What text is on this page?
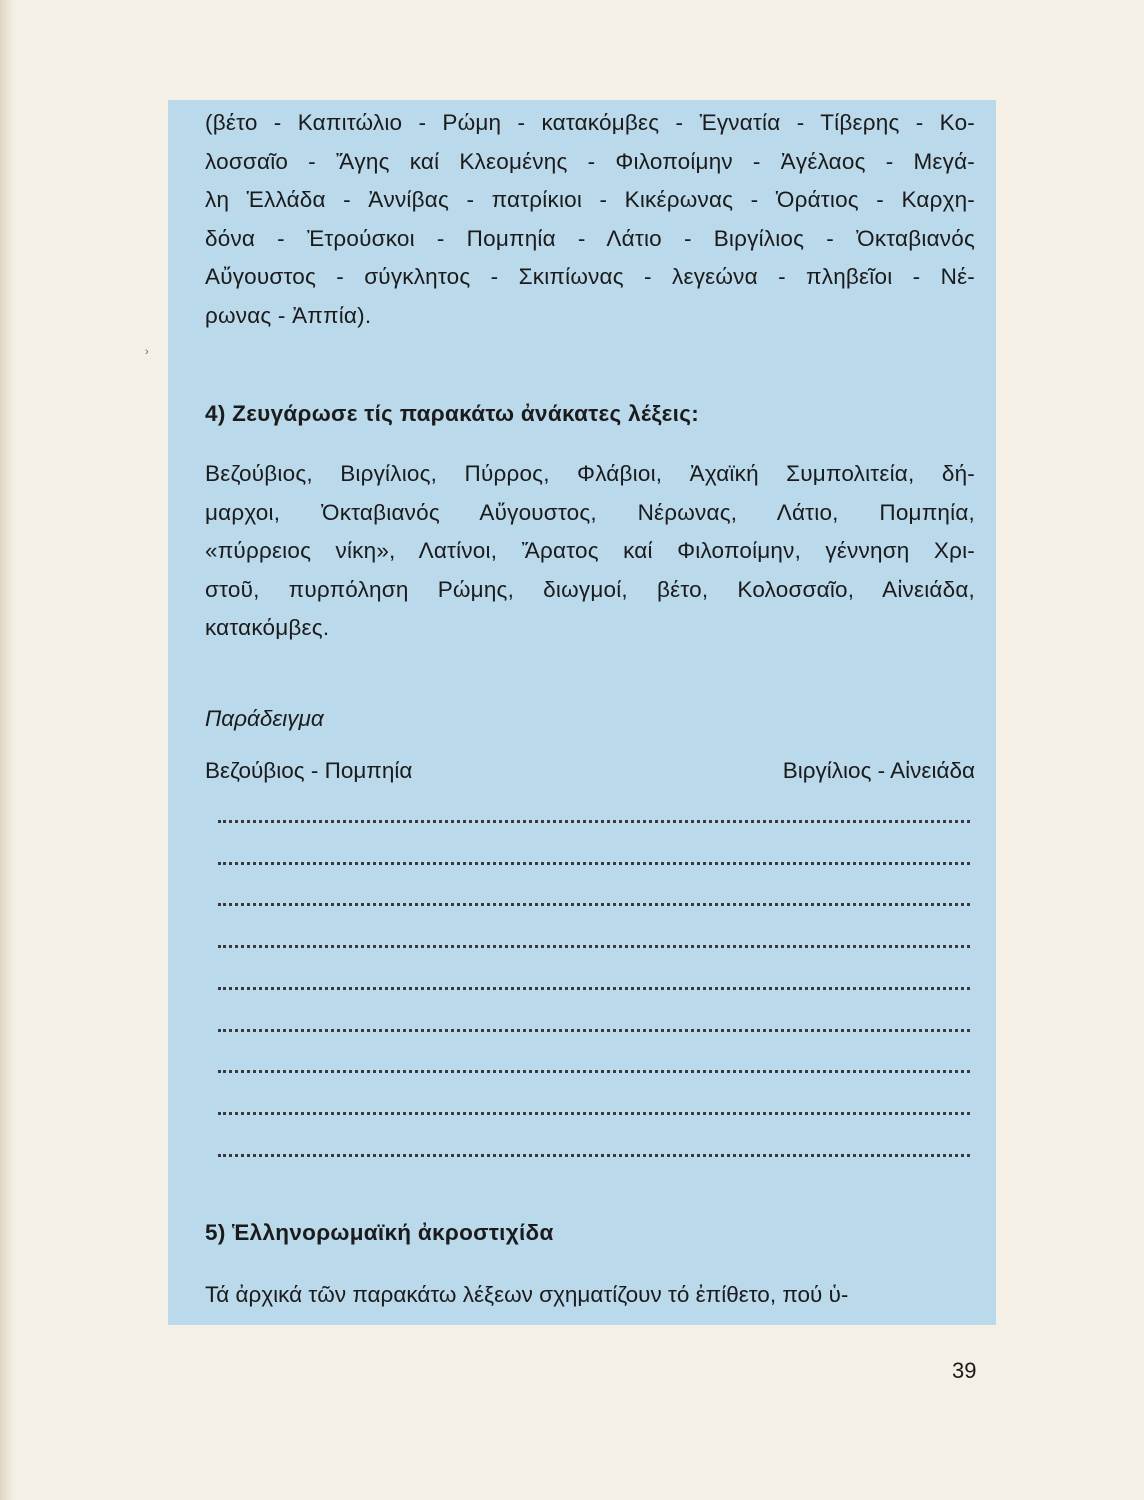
›
(βέτο - Καπιτώλιο - Ρώμη - κατακόμβες - Ἐγνατία - Τίβερης - Κο-
λοσσαῖο - Ἄγης καί Κλεομένης - Φιλοποίμην - Ἀγέλαος - Μεγά-
λη Ἑλλάδα - Ἀννίβας - πατρίκιοι - Κικέρωνας - Ὁράτιος - Καρχη-
δόνα - Ἐτρούσκοι - Πομπηία - Λάτιο - Βιργίλιος - Ὀκταβιανός
Αὔγουστος - σύγκλητος - Σκιπίωνας - λεγεώνα - πληβεῖοι - Νέ-
ρωνας - Ἀππία).
4) Ζευγάρωσε τίς παρακάτω ἀνάκατες λέξεις:
Βεζούβιος, Βιργίλιος, Πύρρος, Φλάβιοι, Ἀχαϊκή Συμπολιτεία, δή-
μαρχοι, Ὀκταβιανός Αὔγουστος, Νέρωνας, Λάτιο, Πομπηία,
«πύρρειος νίκη», Λατίνοι, Ἄρατος καί Φιλοποίμην, γέννηση Χρι-
στοῦ, πυρπόληση Ρώμης, διωγμοί, βέτο, Κολοσσαῖο, Αἰνειάδα,
κατακόμβες.
Παράδειγμα
Βεζούβιος - Πομπηία	Βιργίλιος - Αἰνειάδα
5) Ἑλληνορωμαϊκή ἀκροστιχίδα
Τά ἀρχικά τῶν παρακάτω λέξεων σχηματίζουν τό ἐπίθετο, πού ὑ-
39
